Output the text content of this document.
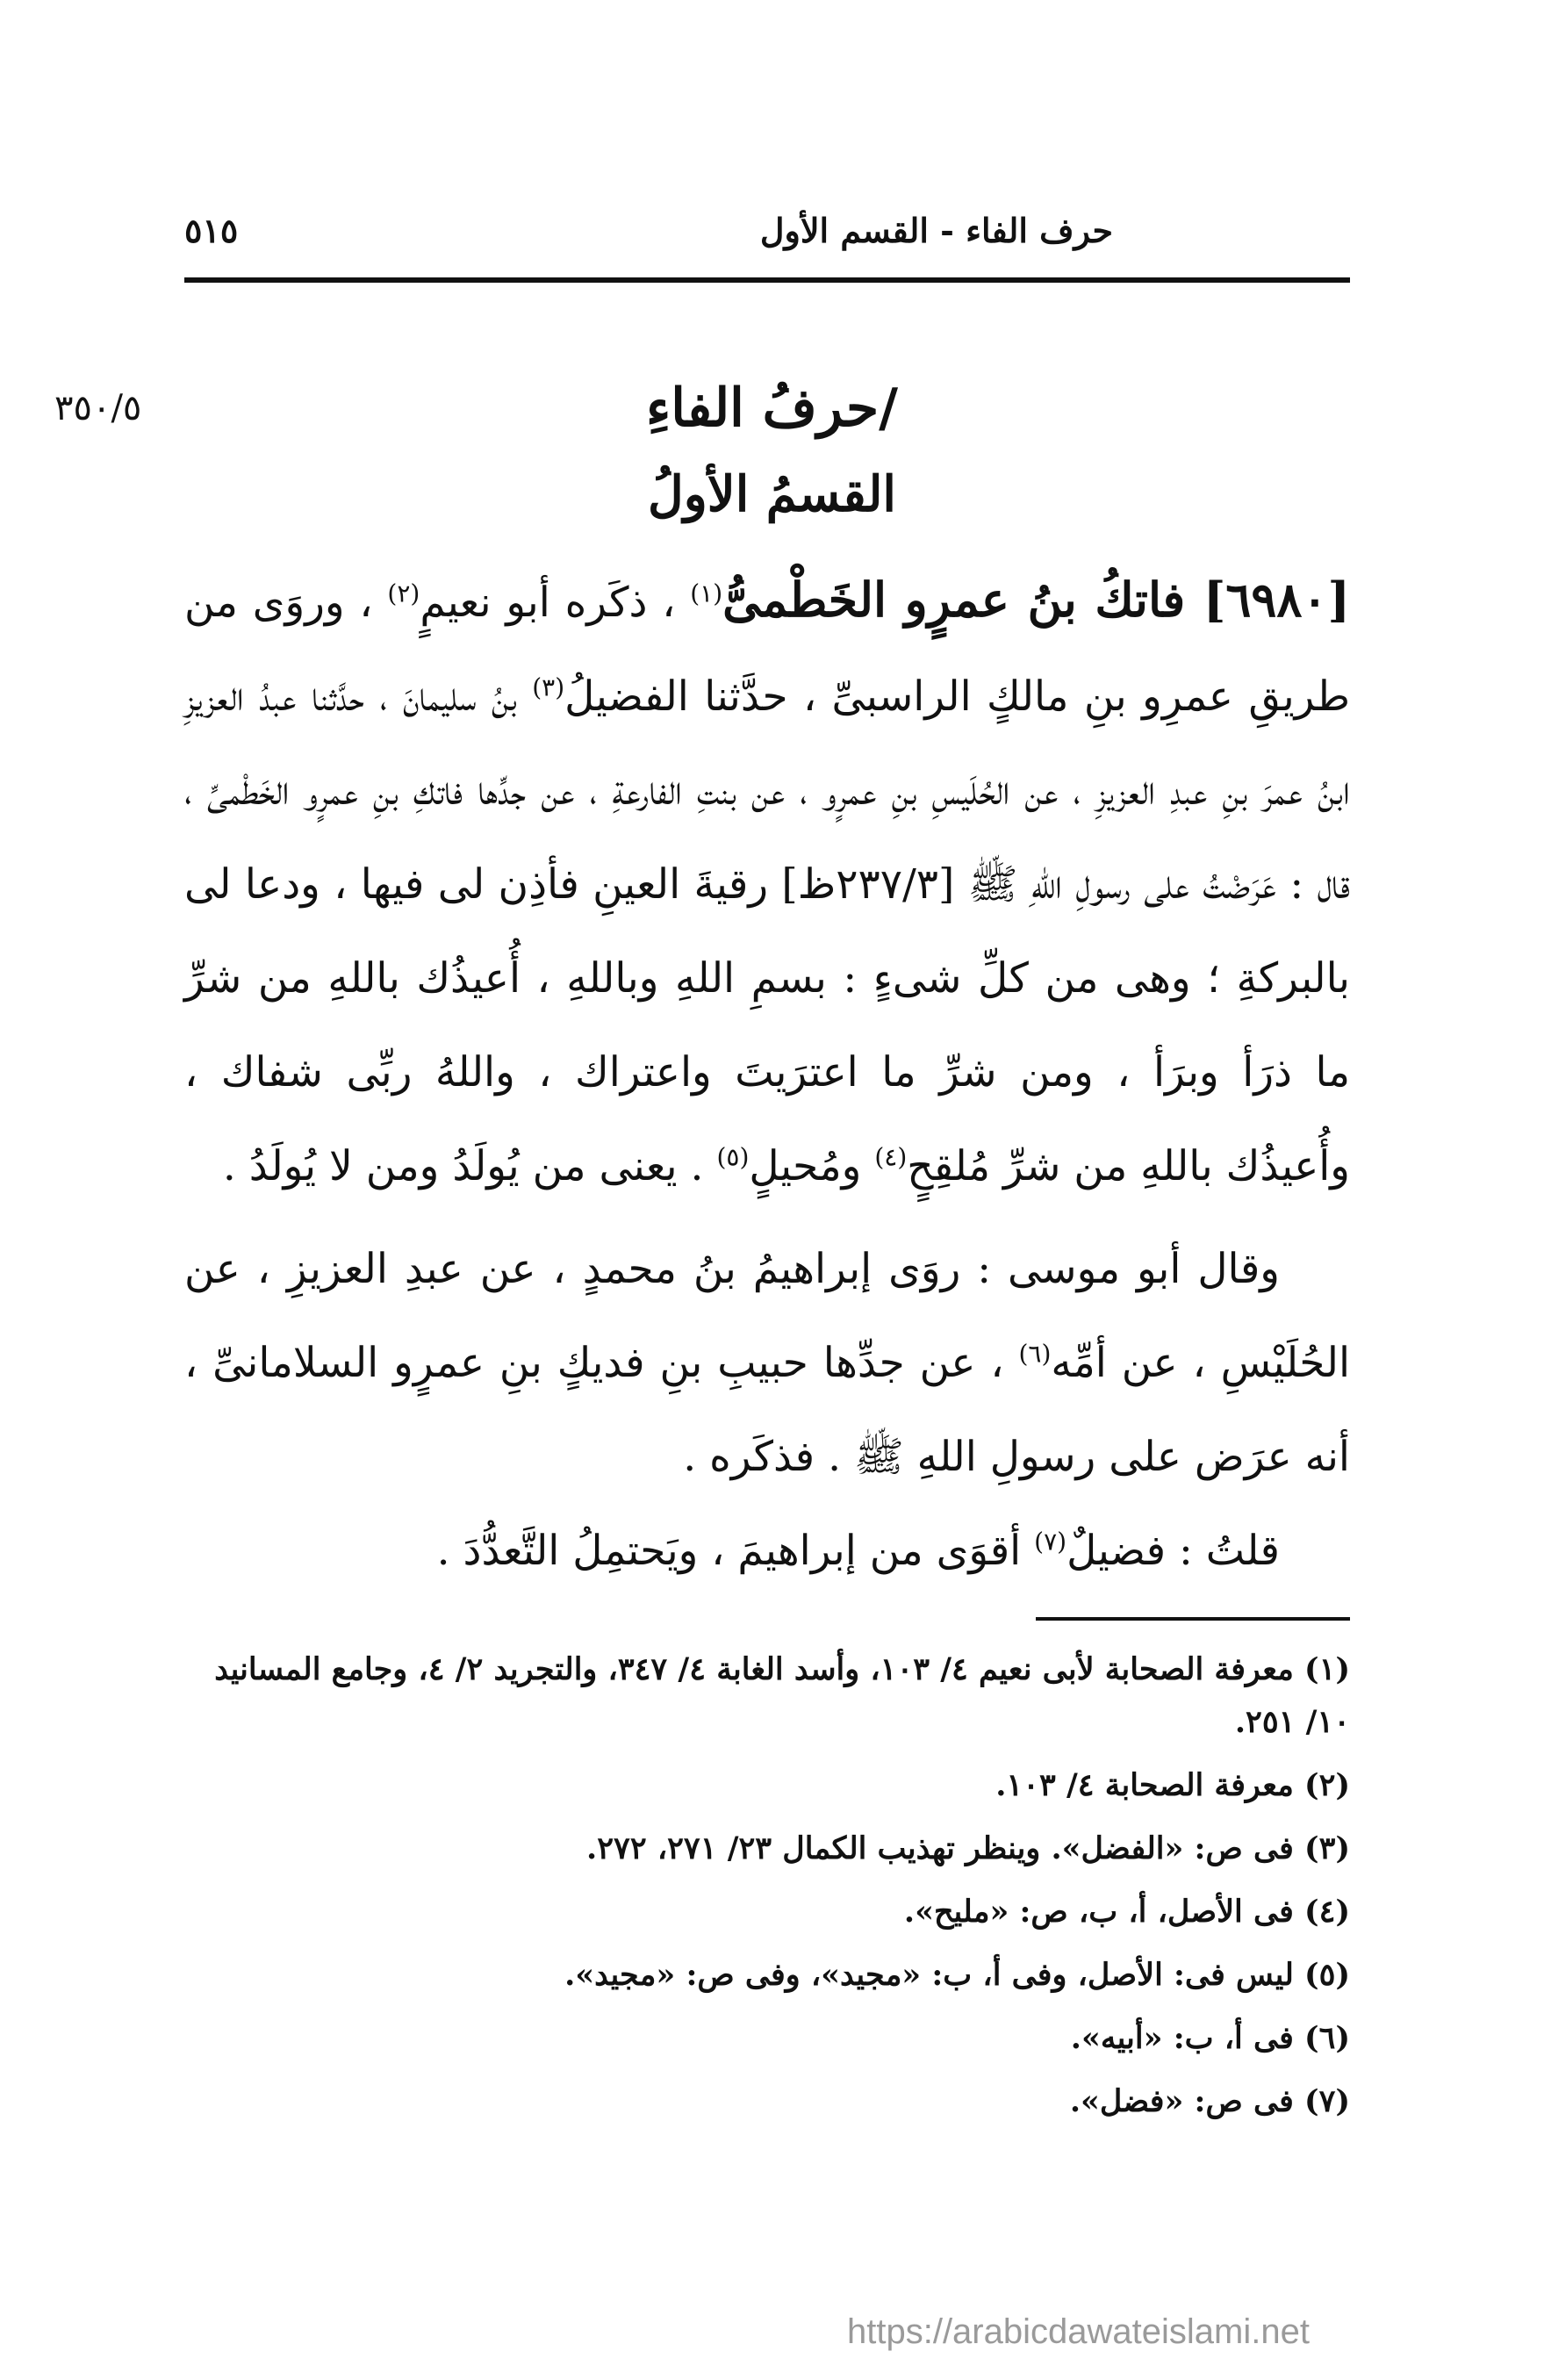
حرف الفاء - القسم الأول
٥١٥
٣٥٠/٥	/حرفُ الفاءِ
القسمُ الأولُ

[٦٩٨٠] فاتكُ بنُ عمرٍو الخَطْمىُّ$^{(١)}$ ، ذكَره أبو نعيمٍ$^{(٢)}$ ، وروَى من طريقِ عمرِو بنِ مالكٍ الراسبىِّ ، حدَّثنا الفضيلُ$^{(٣)}$ بنُ سليمانَ ، حدَّثنا عبدُ العزيزِ ابنُ عمرَ بنِ عبدِ العزيزِ ، عن الحُلَيسِ بنِ عمرٍو ، عن بنتِ الفارعةِ ، عن جدِّها فاتكِ بنِ عمرٍو الخَطْمىِّ ، قال : عَرَضْتُ على رسولِ اللهِ ﷺ [٢٣٧/٣ظ] رقيةَ العينِ فأذِن لى فيها ، ودعا لى بالبركةِ ؛ وهى من كلِّ شىءٍ : بسمِ اللهِ وباللهِ ، أُعيذُك باللهِ من شرِّ ما ذرَأ وبرَأ ، ومن شرِّ ما اعترَيتَ واعتراك ، واللهُ ربِّى شفاك ، وأُعيذُك باللهِ من شرِّ مُلقِحٍ$^{(٤)}$ ومُحيلٍ$^{(٥)}$ . يعنى من يُولَدُ ومن لا يُولَدُ .

وقال أبو موسى : روَى إبراهيمُ بنُ محمدٍ ، عن عبدِ العزيزِ ، عن الحُلَيْسِ ، عن أمِّه$^{(٦)}$ ، عن جدِّها حبيبِ بنِ فديكٍ بنِ عمرٍو السلامانىِّ ، أنه عرَض على رسولِ اللهِ ﷺ . فذكَره .

قلتُ : فضيلٌ$^{(٧)}$ أقوَى من إبراهيمَ ، ويَحتمِلُ التَّعدُّدَ .

(١) معرفة الصحابة لأبى نعيم ٤/ ١٠٣، وأسد الغابة ٤/ ٣٤٧، والتجريد ٢/ ٤، وجامع المسانيد ١٠/ ٢٥١.

(٢) معرفة الصحابة ٤/ ١٠٣.

(٣) فى ص: «الفضل». وينظر تهذيب الكمال ٢٣/ ٢٧١، ٢٧٢.

(٤) فى الأصل، أ، ب، ص: «مليح».

(٥) ليس فى: الأصل، وفى أ، ب: «مجيد»، وفى ص: «مجيد».

(٦) فى أ، ب: «أبيه».

(٧) فى ص: «فضل».

https://arabicdawateislami.net
